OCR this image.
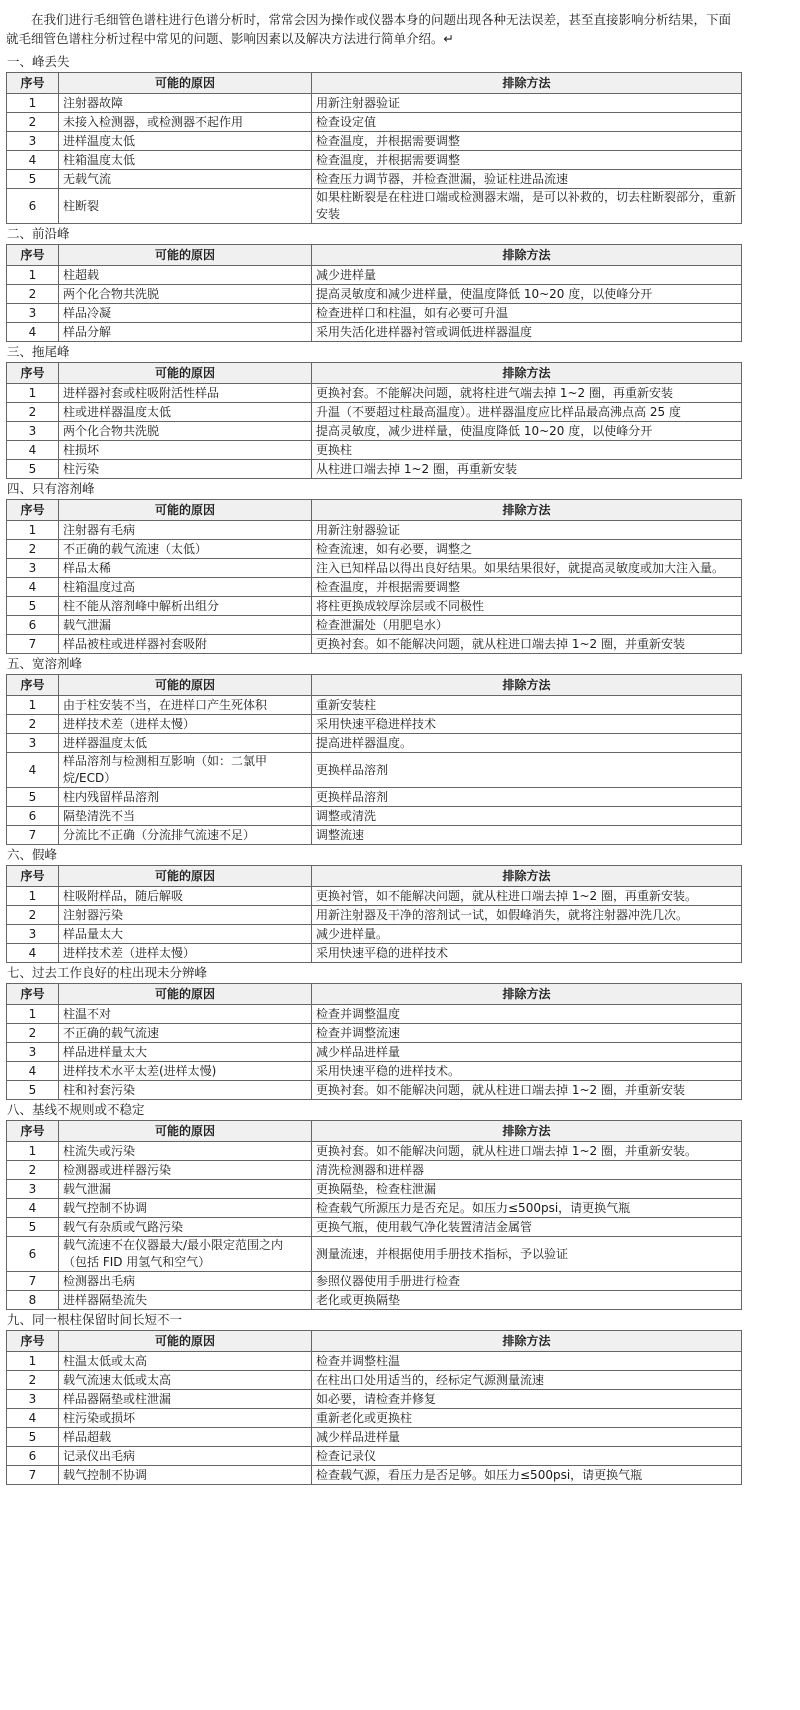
在我们进行毛细管色谱柱进行色谱分析时，常常会因为操作或仪器本身的问题出现各种无法误差，甚至直接影响分析结果，下面就毛细管色谱柱分析过程中常见的问题、影响因素以及解决方法进行简单介绍。↵

一、峰丢失
序号	可能的原因	排除方法
1	注射器故障	用新注射器验证
2	未接入检测器，或检测器不起作用	检查设定值
3	进样温度太低	检查温度，并根据需要调整
4	柱箱温度太低	检查温度，并根据需要调整
5	无载气流	检查压力调节器，并检查泄漏，验证柱进品流速
6	柱断裂	如果柱断裂是在柱进口端或检测器末端，是可以补救的，切去柱断裂部分，重新安装
二、前沿峰
序号	可能的原因	排除方法
1	柱超载	减少进样量
2	两个化合物共洗脱	提高灵敏度和减少进样量，使温度降低 10~20 度，以使峰分开
3	样品冷凝	检查进样口和柱温，如有必要可升温
4	样品分解	采用失活化进样器衬管或调低进样器温度
三、拖尾峰
序号	可能的原因	排除方法
1	进样器衬套或柱吸附活性样品	更换衬套。不能解决问题，就将柱进气端去掉 1~2 圈，再重新安装
2	柱或进样器温度太低	升温（不要超过柱最高温度）。进样器温度应比样品最高沸点高 25 度
3	两个化合物共洗脱	提高灵敏度，减少进样量，使温度降低 10~20 度，以使峰分开
4	柱损坏	更换柱
5	柱污染	从柱进口端去掉 1~2 圈，再重新安装
四、只有溶剂峰
序号	可能的原因	排除方法
1	注射器有毛病	用新注射器验证
2	不正确的载气流速（太低）	检查流速，如有必要，调整之
3	样品太稀	注入已知样品以得出良好结果。如果结果很好，就提高灵敏度或加大注入量。
4	柱箱温度过高	检查温度，并根据需要调整
5	柱不能从溶剂峰中解析出组分	将柱更换成较厚涂层或不同极性
6	载气泄漏	检查泄漏处（用肥皂水）
7	样品被柱或进样器衬套吸附	更换衬套。如不能解决问题，就从柱进口端去掉 1~2 圈，并重新安装
五、宽溶剂峰
序号	可能的原因	排除方法
1	由于柱安装不当，在进样口产生死体积	重新安装柱
2	进样技术差（进样太慢）	采用快速平稳进样技术
3	进样器温度太低	提高进样器温度。
4	样品溶剂与检测相互影响（如：二氯甲烷/ECD）	更换样品溶剂
5	柱内残留样品溶剂	更换样品溶剂
6	隔垫清洗不当	调整或清洗
7	分流比不正确（分流排气流速不足）	调整流速
六、假峰
序号	可能的原因	排除方法
1	柱吸附样品，随后解吸	更换衬管，如不能解决问题，就从柱进口端去掉 1~2 圈，再重新安装。
2	注射器污染	用新注射器及干净的溶剂试一试，如假峰消失，就将注射器冲洗几次。
3	样品量太大	减少进样量。
4	进样技术差（进样太慢）	采用快速平稳的进样技术
七、过去工作良好的柱出现未分辨峰
序号	可能的原因	排除方法
1	柱温不对	检查并调整温度
2	不正确的载气流速	检查并调整流速
3	样品进样量太大	减少样品进样量
4	进样技术水平太差(进样太慢)	采用快速平稳的进样技术。
5	柱和衬套污染	更换衬套。如不能解决问题，就从柱进口端去掉 1~2 圈，并重新安装
八、基线不规则或不稳定
序号	可能的原因	排除方法
1	柱流失或污染	更换衬套。如不能解决问题，就从柱进口端去掉 1~2 圈，并重新安装。
2	检测器或进样器污染	清洗检测器和进样器
3	载气泄漏	更换隔垫，检查柱泄漏
4	载气控制不协调	检查载气所源压力是否充足。如压力≤500psi，请更换气瓶
5	载气有杂质或气路污染	更换气瓶，使用载气净化装置清洁金属管
6	载气流速不在仪器最大/最小限定范围之内（包括 FID 用氢气和空气）	测量流速，并根据使用手册技术指标，予以验证
7	检测器出毛病	参照仪器使用手册进行检查
8	进样器隔垫流失	老化或更换隔垫
九、同一根柱保留时间长短不一
序号	可能的原因	排除方法
1	柱温太低或太高	检查并调整柱温
2	载气流速太低或太高	在柱出口处用适当的，经标定气源测量流速
3	样品器隔垫或柱泄漏	如必要，请检查并修复
4	柱污染或损坏	重新老化或更换柱
5	样品超载	减少样品进样量
6	记录仪出毛病	检查记录仪
7	载气控制不协调	检查载气源，看压力是否足够。如压力≤500psi，请更换气瓶
